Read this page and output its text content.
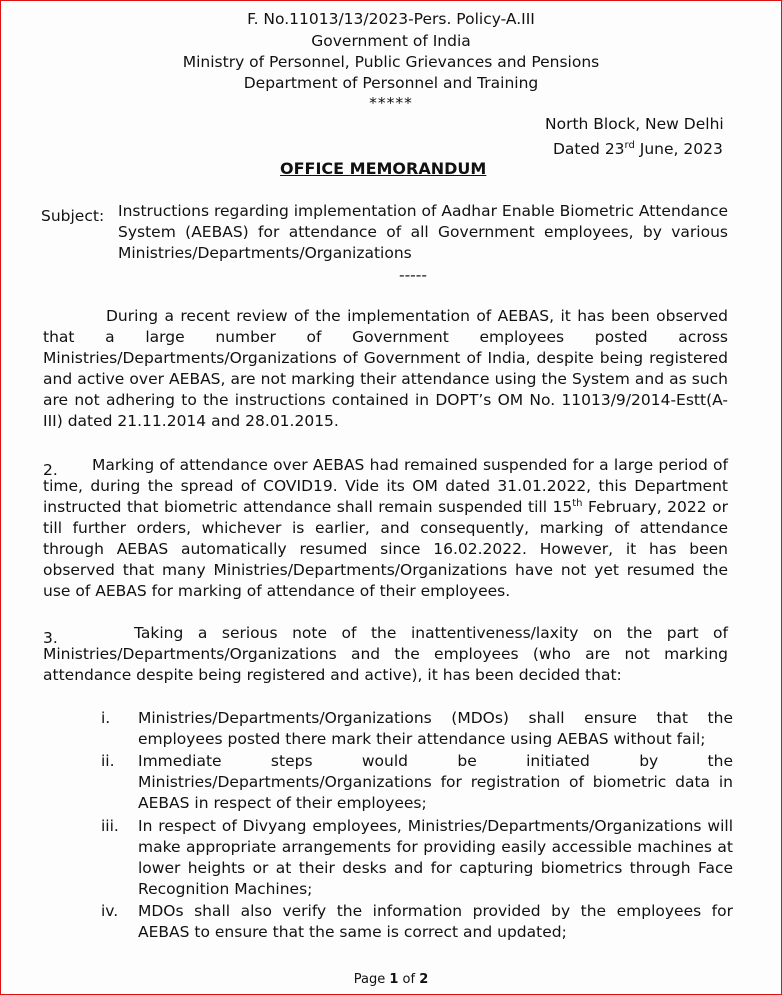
F. No.11013/13/2023-Pers. Policy-A.III
Government of India
Ministry of Personnel, Public Grievances and Pensions
Department of Personnel and Training
*****
North Block, New Delhi
Dated 23rd June, 2023
OFFICE MEMORANDUM
Subject: Instructions regarding implementation of Aadhar Enable Biometric Attendance System (AEBAS) for attendance of all Government employees, by various Ministries/Departments/Organizations
-----
During a recent review of the implementation of AEBAS, it has been observed that a large number of Government employees posted across Ministries/Departments/Organizations of Government of India, despite being registered and active over AEBAS, are not marking their attendance using the System and as such are not adhering to the instructions contained in DOPT’s OM No. 11013/9/2014-Estt(A-III) dated 21.11.2014 and 28.01.2015.
2.	Marking of attendance over AEBAS had remained suspended for a large period of time, during the spread of COVID19. Vide its OM dated 31.01.2022, this Department instructed that biometric attendance shall remain suspended till 15th February, 2022 or till further orders, whichever is earlier, and consequently, marking of attendance through AEBAS automatically resumed since 16.02.2022. However, it has been observed that many Ministries/Departments/Organizations have not yet resumed the use of AEBAS for marking of attendance of their employees.
3.	Taking a serious note of the inattentiveness/laxity on the part of Ministries/Departments/Organizations and the employees (who are not marking attendance despite being registered and active), it has been decided that:
i.	Ministries/Departments/Organizations (MDOs) shall ensure that the employees posted there mark their attendance using AEBAS without fail;
ii.	Immediate steps would be initiated by the Ministries/Departments/Organizations for registration of biometric data in AEBAS in respect of their employees;
iii.	In respect of Divyang employees, Ministries/Departments/Organizations will make appropriate arrangements for providing easily accessible machines at lower heights or at their desks and for capturing biometrics through Face Recognition Machines;
iv.	MDOs shall also verify the information provided by the employees for AEBAS to ensure that the same is correct and updated;
Page 1 of 2
